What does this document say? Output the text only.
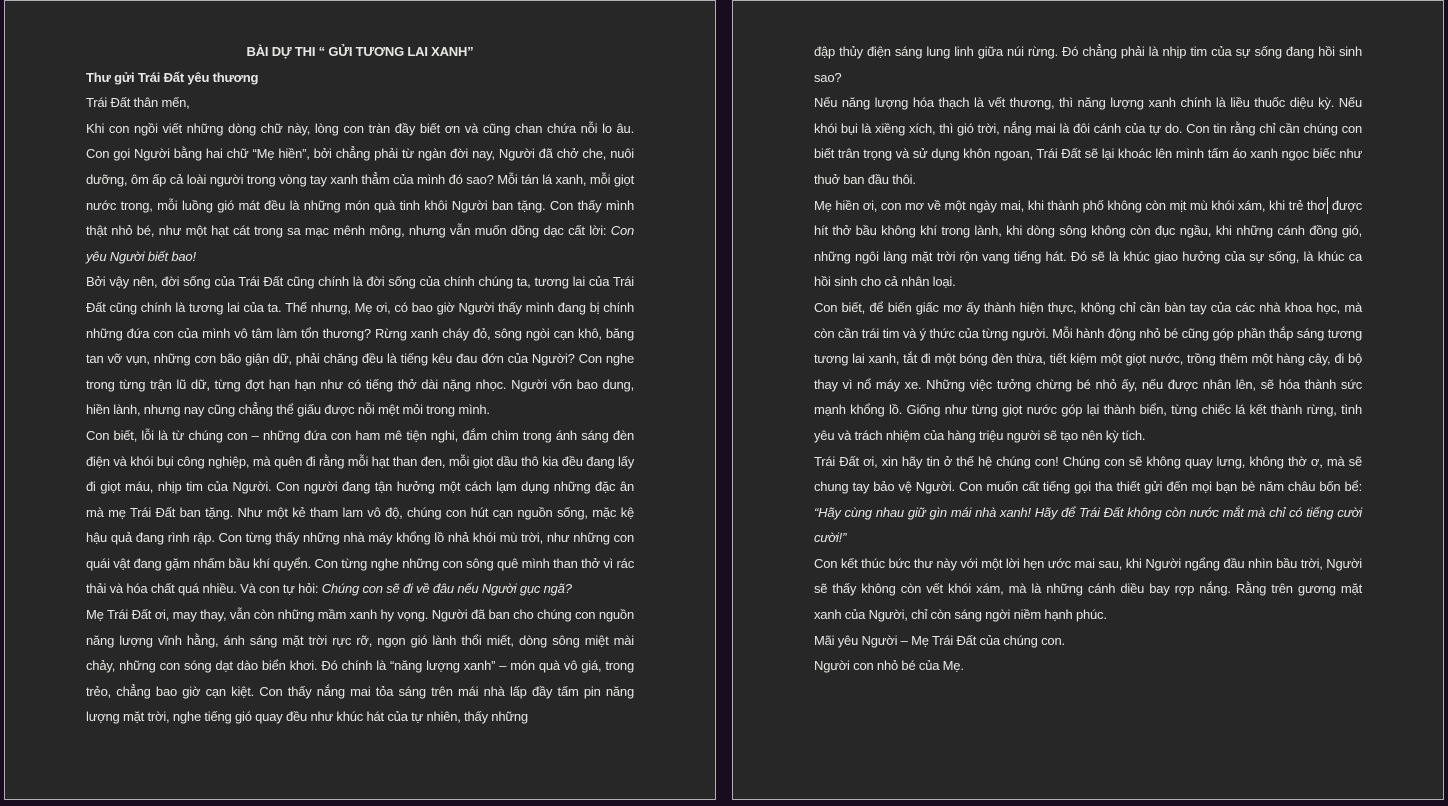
BÀI DỰ THI “ GỬI TƯƠNG LAI XANH”

Thư gửi Trái Đất yêu thương

Trái Đất thân mến,

Khi con ngồi viết những dòng chữ này, lòng con tràn đầy biết ơn và cũng chan chứa nỗi lo âu. Con gọi Người bằng hai chữ “Mẹ hiền”, bởi chẳng phải từ ngàn đời nay, Người đã chở che, nuôi dưỡng, ôm ấp cả loài người trong vòng tay xanh thẳm của mình đó sao? Mỗi tán lá xanh, mỗi giọt nước trong, mỗi luồng gió mát đều là những món quà tinh khôi Người ban tặng. Con thấy mình thật nhỏ bé, như một hạt cát trong sa mạc mênh mông, nhưng vẫn muốn dõng dạc cất lời: Con yêu Người biết bao!

Bởi vậy nên, đời sống của Trái Đất cũng chính là đời sống của chính chúng ta, tương lai của Trái Đất cũng chính là tương lai của ta. Thế nhưng, Mẹ ơi, có bao giờ Người thấy mình đang bị chính những đứa con của mình vô tâm làm tổn thương? Rừng xanh cháy đỏ, sông ngòi cạn khô, băng tan vỡ vụn, những cơn bão giận dữ, phải chăng đều là tiếng kêu đau đớn của Người? Con nghe trong từng trận lũ dữ, từng đợt hạn hạn như có tiếng thở dài nặng nhọc. Người vốn bao dung, hiền lành, nhưng nay cũng chẳng thể giấu được nỗi mệt mỏi trong mình.

Con biết, lỗi là từ chúng con – những đứa con ham mê tiện nghi, đắm chìm trong ánh sáng đèn điện và khói bụi công nghiệp, mà quên đi rằng mỗi hạt than đen, mỗi giọt dầu thô kia đều đang lấy đi giọt máu, nhịp tim của Người. Con người đang tận hưởng một cách lạm dụng những đặc ân mà mẹ Trái Đất ban tặng. Như một kẻ tham lam vô độ, chúng con hút cạn nguồn sống, mặc kệ hậu quả đang rình rập. Con từng thấy những nhà máy khổng lồ nhả khói mù trời, như những con quái vật đang gặm nhấm bầu khí quyển. Con từng nghe những con sông quê mình than thở vì rác thải và hóa chất quá nhiều. Và con tự hỏi: Chúng con sẽ đi về đâu nếu Người gục ngã?

Mẹ Trái Đất ơi, may thay, vẫn còn những mầm xanh hy vọng. Người đã ban cho chúng con nguồn năng lượng vĩnh hằng, ánh sáng mặt trời rực rỡ, ngọn gió lành thổi miết, dòng sông miệt mài chảy, những con sóng dạt dào biển khơi. Đó chính là “năng lượng xanh” – món quà vô giá, trong trẻo, chẳng bao giờ cạn kiệt. Con thấy nắng mai tỏa sáng trên mái nhà lấp đầy tấm pin năng lượng mặt trời, nghe tiếng gió quay đều như khúc hát của tự nhiên, thấy những

đập thủy điện sáng lung linh giữa núi rừng. Đó chẳng phải là nhịp tim của sự sống đang hồi sinh sao?

Nếu năng lượng hóa thạch là vết thương, thì năng lượng xanh chính là liều thuốc diệu kỳ. Nếu khói bụi là xiềng xích, thì gió trời, nắng mai là đôi cánh của tự do. Con tin rằng chỉ cần chúng con biết trân trọng và sử dụng khôn ngoan, Trái Đất sẽ lại khoác lên mình tấm áo xanh ngọc biếc như thuở ban đầu thôi.

Mẹ hiền ơi, con mơ về một ngày mai, khi thành phố không còn mịt mù khói xám, khi trẻ thơ được hít thở bầu không khí trong lành, khi dòng sông không còn đục ngầu, khi những cánh đồng gió, những ngôi làng mặt trời rộn vang tiếng hát. Đó sẽ là khúc giao hưởng của sự sống, là khúc ca hồi sinh cho cả nhân loại.

Con biết, để biến giấc mơ ấy thành hiện thực, không chỉ cần bàn tay của các nhà khoa học, mà còn cần trái tim và ý thức của từng người. Mỗi hành động nhỏ bé cũng góp phần thắp sáng tương tương lai xanh, tắt đi một bóng đèn thừa, tiết kiệm một giọt nước, trồng thêm một hàng cây, đi bộ thay vì nổ máy xe. Những việc tưởng chừng bé nhỏ ấy, nếu được nhân lên, sẽ hóa thành sức mạnh khổng lồ. Giống như từng giọt nước góp lại thành biển, từng chiếc lá kết thành rừng, tình yêu và trách nhiệm của hàng triệu người sẽ tạo nên kỳ tích.

Trái Đất ơi, xin hãy tin ở thế hệ chúng con! Chúng con sẽ không quay lưng, không thờ ơ, mà sẽ chung tay bảo vệ Người. Con muốn cất tiếng gọi tha thiết gửi đến mọi bạn bè năm châu bốn bể: “Hãy cùng nhau giữ gìn mái nhà xanh! Hãy để Trái Đất không còn nước mắt mà chỉ có tiếng cười cười!”

Con kết thúc bức thư này với một lời hẹn ước mai sau, khi Người ngẩng đầu nhìn bầu trời, Người sẽ thấy không còn vết khói xám, mà là những cánh diều bay rợp nắng. Rằng trên gương mặt xanh của Người, chỉ còn sáng ngời niềm hạnh phúc.

Mãi yêu Người – Mẹ Trái Đất của chúng con.

Người con nhỏ bé của Mẹ.
